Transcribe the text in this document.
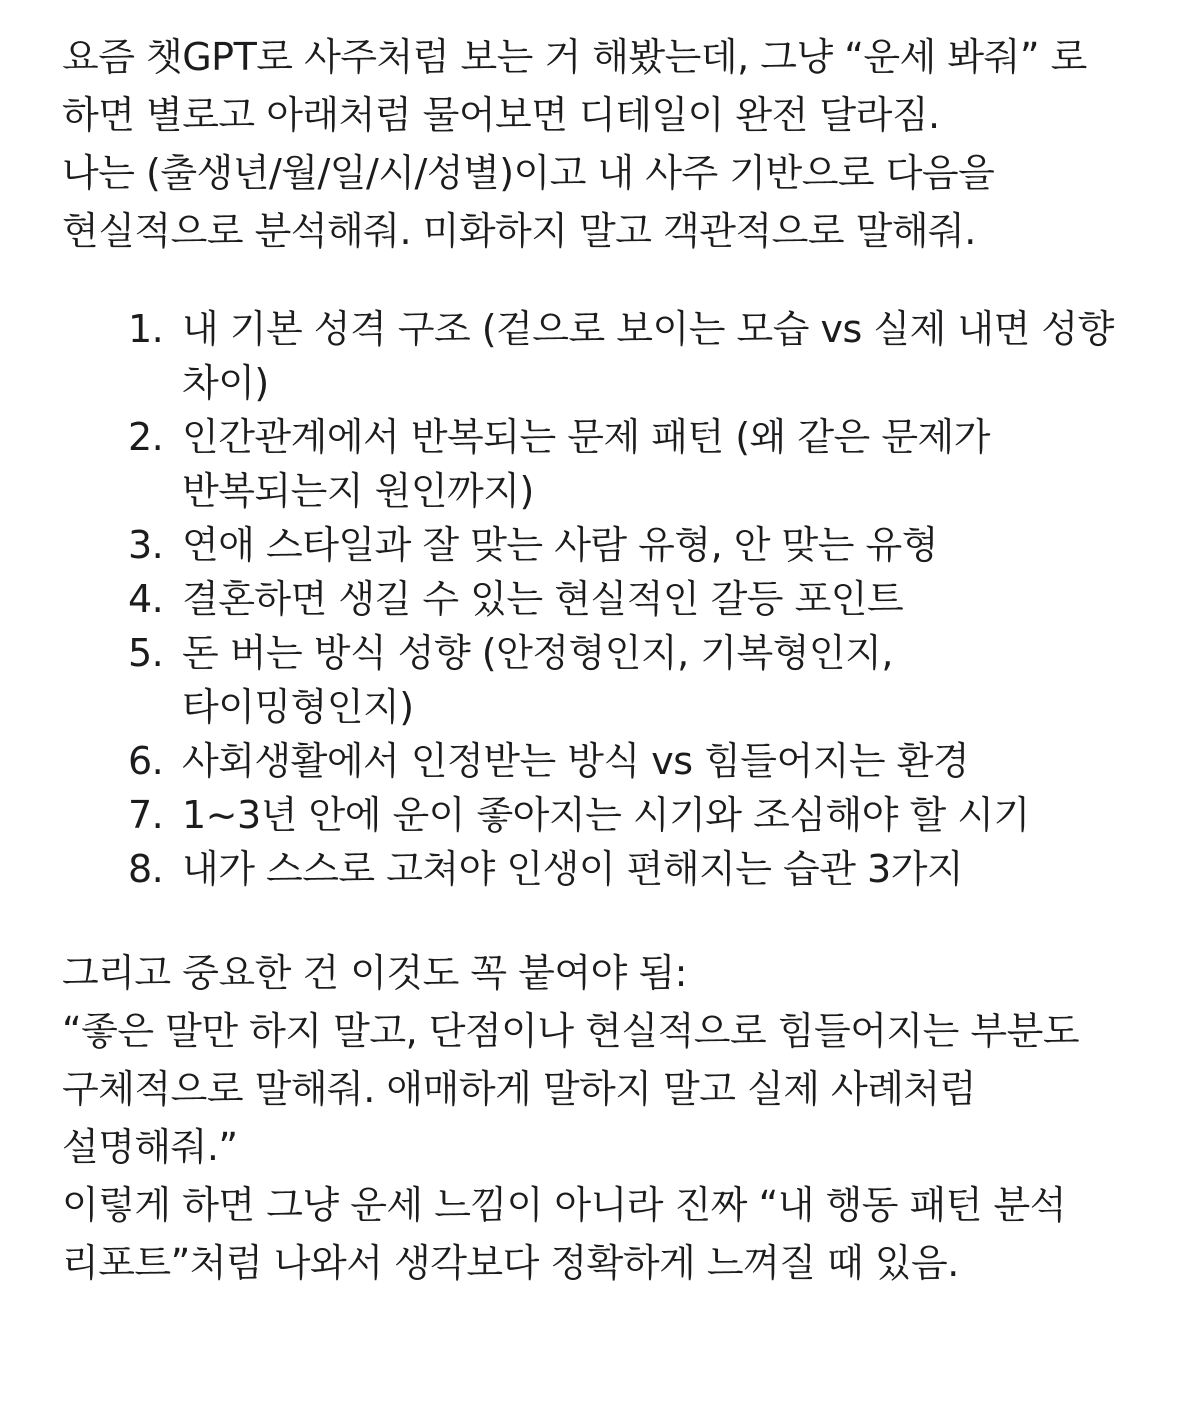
요즘 챗GPT로 사주처럼 보는 거 해봤는데, 그냥 “운세 봐줘” 로 하면 별로고 아래처럼 물어보면 디테일이 완전 달라짐.

나는 (출생년/월/일/시/성별)이고 내 사주 기반으로 다음을 현실적으로 분석해줘. 미화하지 말고 객관적으로 말해줘.

1. 내 기본 성격 구조 (겉으로 보이는 모습 vs 실제 내면 성향 차이)
2. 인간관계에서 반복되는 문제 패턴 (왜 같은 문제가 반복되는지 원인까지)
3. 연애 스타일과 잘 맞는 사람 유형, 안 맞는 유형
4. 결혼하면 생길 수 있는 현실적인 갈등 포인트
5. 돈 버는 방식 성향 (안정형인지, 기복형인지, 타이밍형인지)
6. 사회생활에서 인정받는 방식 vs 힘들어지는 환경
7. 1~3년 안에 운이 좋아지는 시기와 조심해야 할 시기
8. 내가 스스로 고쳐야 인생이 편해지는 습관 3가지

그리고 중요한 건 이것도 꼭 붙여야 됨:

“좋은 말만 하지 말고, 단점이나 현실적으로 힘들어지는 부분도 구체적으로 말해줘. 애매하게 말하지 말고 실제 사례처럼 설명해줘.”

이렇게 하면 그냥 운세 느낌이 아니라 진짜 “내 행동 패턴 분석 리포트”처럼 나와서 생각보다 정확하게 느껴질 때 있음.
